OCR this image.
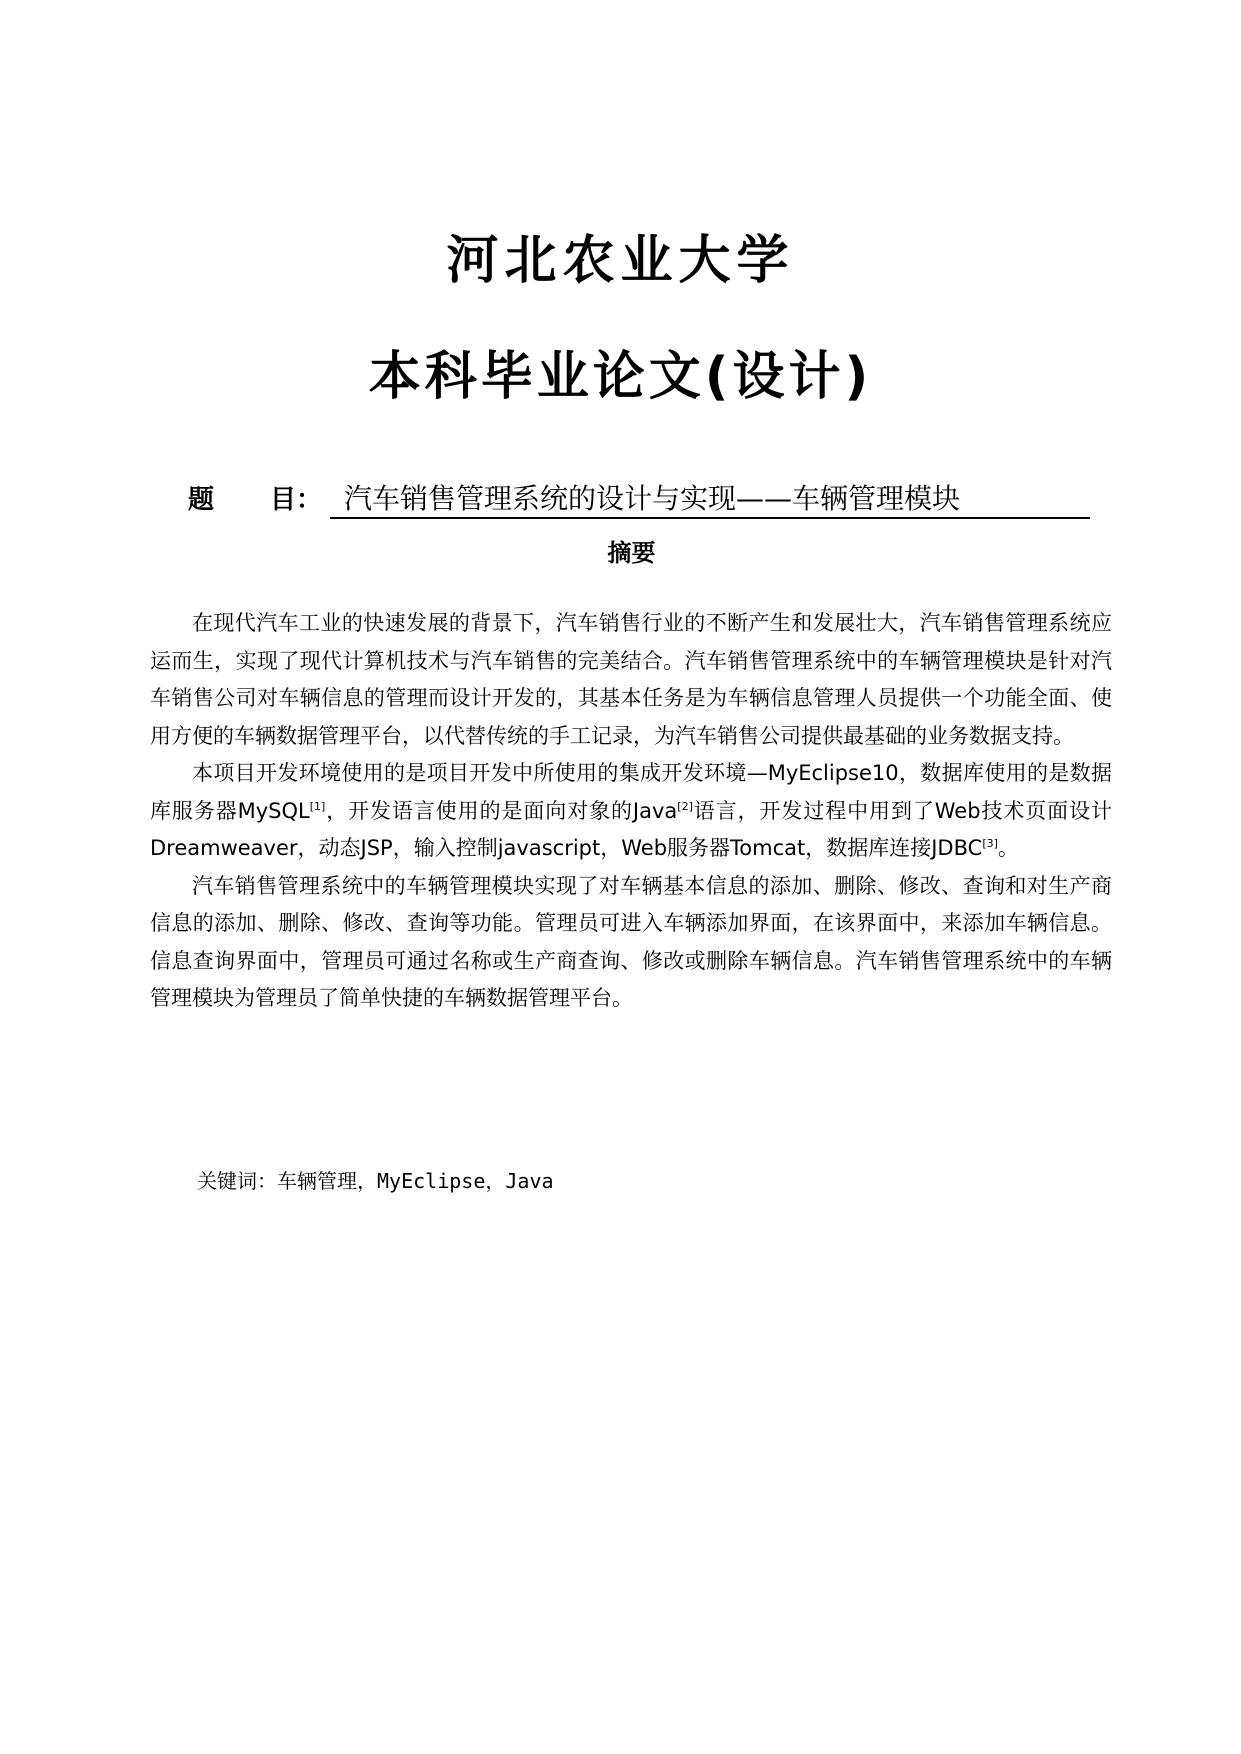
河北农业大学
本科毕业论文(设计)
题 目： 汽车销售管理系统的设计与实现——车辆管理模块
摘要

在现代汽车工业的快速发展的背景下，汽车销售行业的不断产生和发展壮大，汽车销售管理系统应运而生，实现了现代计算机技术与汽车销售的完美结合。汽车销售管理系统中的车辆管理模块是针对汽车销售公司对车辆信息的管理而设计开发的，其基本任务是为车辆信息管理人员提供一个功能全面、使用方便的车辆数据管理平台，以代替传统的手工记录，为汽车销售公司提供最基础的业务数据支持。

本项目开发环境使用的是项目开发中所使用的集成开发环境—MyEclipse10，数据库使用的是数据库服务器MySQL[1]，开发语言使用的是面向对象的Java[2]语言，开发过程中用到了Web技术页面设计Dreamweaver，动态JSP，输入控制javascript，Web服务器Tomcat，数据库连接JDBC[3]。

汽车销售管理系统中的车辆管理模块实现了对车辆基本信息的添加、删除、修改、查询和对生产商信息的添加、删除、修改、查询等功能。管理员可进入车辆添加界面，在该界面中，来添加车辆信息。信息查询界面中，管理员可通过名称或生产商查询、修改或删除车辆信息。汽车销售管理系统中的车辆管理模块为管理员了简单快捷的车辆数据管理平台。

关键词：车辆管理，MyEclipse，Java
